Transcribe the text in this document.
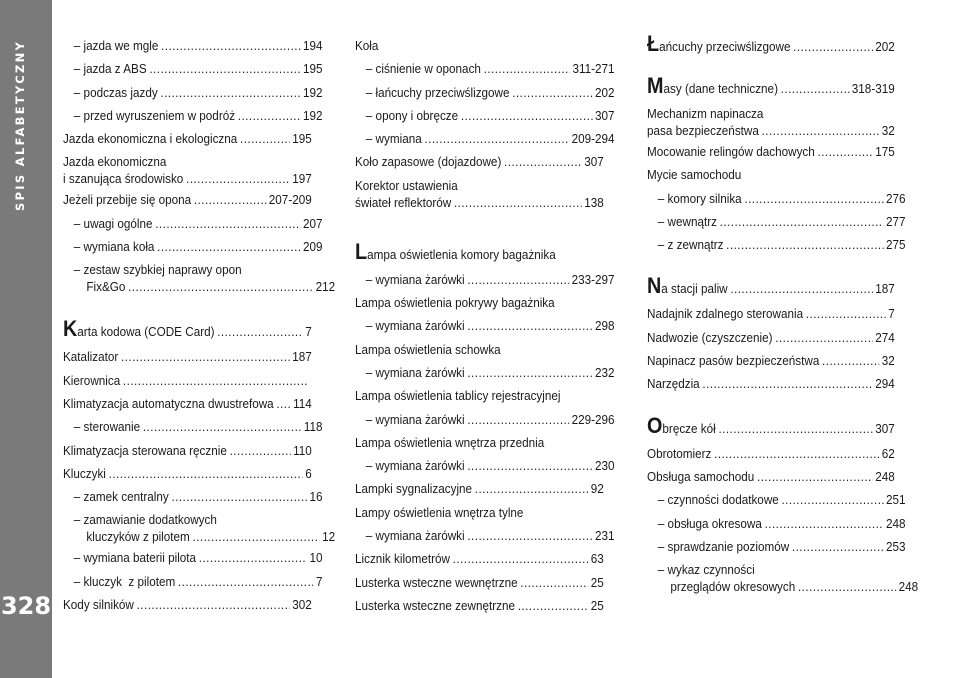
SPIS ALFABETYCZNY
328
– jazda we mgle .....	194
– jazda z ABS .....	195
– podczas jazdy .....	192
– przed wyruszeniem w podróż .....	192
Jazda ekonomiczna i ekologiczna .....	195
Jazda ekonomiczna
i szanująca środowisko .....	197
Jeżeli przebije się opona .....	207-209
– uwagi ogólne .....	207
– wymiana koła .....	209
– zestaw szybkiej naprawy opon
Fix&Go .....	212
Karta kodowa (CODE Card) .....	7
Katalizator .....	187
Kierownica
.....
Klimatyzacja automatyczna dwustrefowa ..... 114
– sterowanie .....	118
Klimatyzacja sterowana ręcznie .....	110
Kluczyki .....	6
– zamek centralny .....	16
– zamawianie dodatkowych
kluczyków z pilotem .....	12
– wymiana baterii pilota .....	10
– kluczyk  z pilotem .....	7
Kody silników .....	302
Koła
– ciśnienie w oponach .....	311-271
– łańcuchy przeciwślizgowe .....	202
– opony i obręcze .....	307
– wymiana .....	209-294
Koło zapasowe (dojazdowe) .....	307
Korektor ustawienia
świateł reflektorów .....	138
Lampa oświetlenia komory bagażnika
– wymiana żarówki .....	233-297
Lampa oświetlenia pokrywy bagażnika
– wymiana żarówki .....	298
Lampa oświetlenia schowka
– wymiana żarówki .....	232
Lampa oświetlenia tablicy rejestracyjnej
– wymiana żarówki .....	229-296
Lampa oświetlenia wnętrza przednia
– wymiana żarówki .....	230
Lampki sygnalizacyjne .....	92
Lampy oświetlenia wnętrza tylne
– wymiana żarówki .....	231
Licznik kilometrów .....	63
Lusterka wsteczne wewnętrzne .....	25
Lusterka wsteczne zewnętrzne .....	25
Łańcuchy przeciwślizgowe .....	202
Masy (dane techniczne) .....	318-319
Mechanizm napinacza
pasa bezpieczeństwa .....	32
Mocowanie relingów dachowych .....	175
Mycie samochodu
– komory silnika .....	276
– wewnątrz .....	277
– z zewnątrz .....	275
Na stacji paliw .....	187
Nadajnik zdalnego sterowania .....	7
Nadwozie (czyszczenie) .....	274
Napinacz pasów bezpieczeństwa .....	32
Narzędzia .....	294
Obręcze kół .....	307
Obrotomierz .....	62
Obsługa samochodu .....	248
– czynności dodatkowe .....	251
– obsługa okresowa .....	248
– sprawdzanie poziomów .....	253
– wykaz czynności
przeglądów okresowych .....	248
